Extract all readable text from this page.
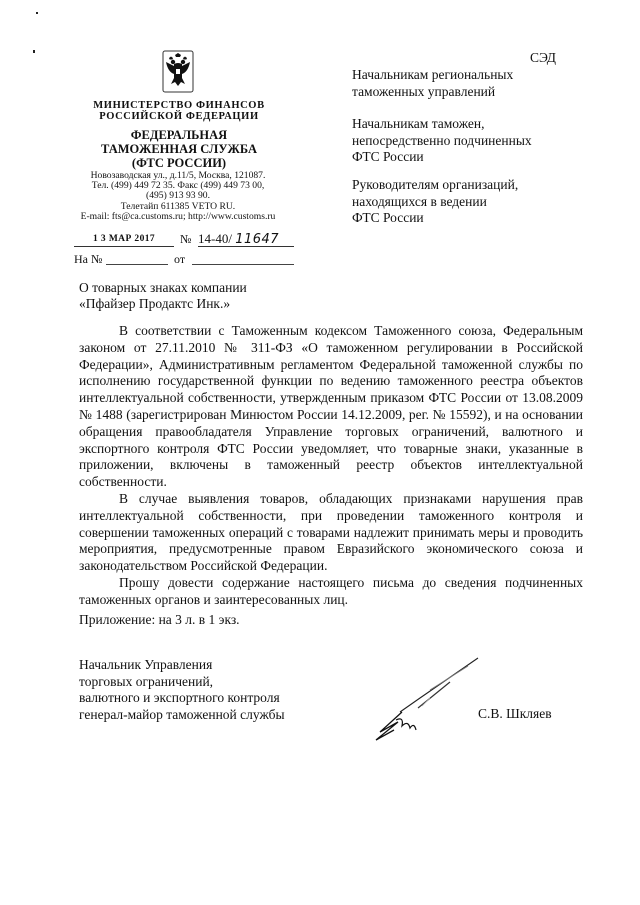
МИНИСТЕРСТВО ФИНАНСОВ
РОССИЙСКОЙ ФЕДЕРАЦИИ
ФЕДЕРАЛЬНАЯ
ТАМОЖЕННАЯ СЛУЖБА
(ФТС РОССИИ)
Новозаводская ул., д.11/5, Москва, 121087.
Тел. (499) 449 72 35. Факс (499) 449 73 00,
(495) 913 93 90.
Телетайп 611385 VETO RU.
E-mail: fts@ca.customs.ru; http://www.customs.ru
1 3 МАР 2017	№ 14-40/ 11647
На №	от
СЭД
Начальникам региональных
таможенных управлений
Начальникам таможен,
непосредственно подчиненных
ФТС России
Руководителям организаций,
находящихся в ведении
ФТС России
О товарных знаках компании
«Пфайзер Продактс Инк.»

В соответствии с Таможенным кодексом Таможенного союза, Федеральным законом от 27.11.2010 № 311-ФЗ «О таможенном регулировании в Российской Федерации», Административным регламентом Федеральной таможенной службы по исполнению государственной функции по ведению таможенного реестра объектов интеллектуальной собственности, утвержденным приказом ФТС России от 13.08.2009 № 1488 (зарегистрирован Минюстом России 14.12.2009, рег. № 15592), и на основании обращения правообладателя Управление торговых ограничений, валютного и экспортного контроля ФТС России уведомляет, что товарные знаки, указанные в приложении, включены в таможенный реестр объектов интеллектуальной собственности.

В случае выявления товаров, обладающих признаками нарушения прав интеллектуальной собственности, при проведении таможенного контроля и совершении таможенных операций с товарами надлежит принимать меры и проводить мероприятия, предусмотренные правом Евразийского экономического союза и законодательством Российской Федерации.

Прошу довести содержание настоящего письма до сведения подчиненных таможенных органов и заинтересованных лиц.

Приложение: на 3 л. в 1 экз.
Начальник Управления
торговых ограничений,
валютного и экспортного контроля
генерал-майор таможенной службы	С.В. Шкляев
